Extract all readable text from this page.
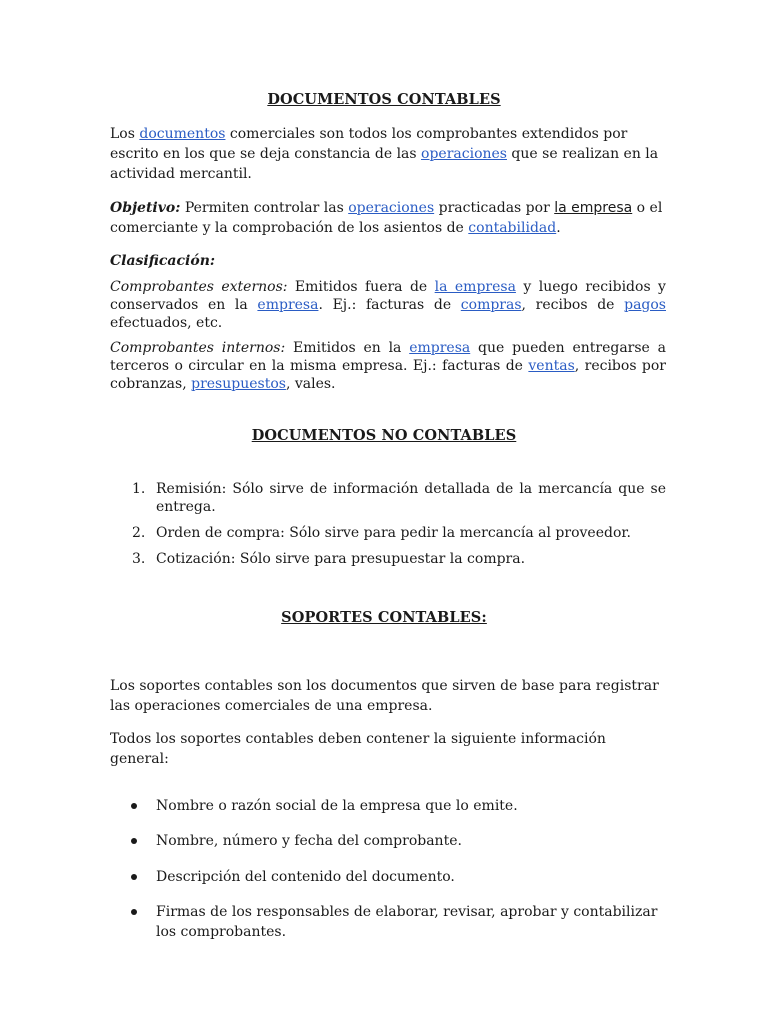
DOCUMENTOS CONTABLES

Los documentos comerciales son todos los comprobantes extendidos por escrito en los que se deja constancia de las operaciones que se realizan en la actividad mercantil.

Objetivo: Permiten controlar las operaciones practicadas por la empresa o el comerciante y la comprobación de los asientos de contabilidad.

Clasificación:

Comprobantes externos: Emitidos fuera de la empresa y luego recibidos y conservados en la empresa. Ej.: facturas de compras, recibos de pagos efectuados, etc.

Comprobantes internos: Emitidos en la empresa que pueden entregarse a terceros o circular en la misma empresa. Ej.: facturas de ventas, recibos por cobranzas, presupuestos, vales.

DOCUMENTOS NO CONTABLES
1. Remisión: Sólo sirve de información detallada de la mercancía que se entrega.
2. Orden de compra: Sólo sirve para pedir la mercancía al proveedor.
3. Cotización: Sólo sirve para presupuestar la compra.
SOPORTES CONTABLES:

Los soportes contables son los documentos que sirven de base para registrar las operaciones comerciales de una empresa.

Todos los soportes contables deben contener la siguiente información general:

Nombre o razón social de la empresa que lo emite.
Nombre, número y fecha del comprobante.
Descripción del contenido del documento.
Firmas de los responsables de elaborar, revisar, aprobar y contabilizar los comprobantes.
